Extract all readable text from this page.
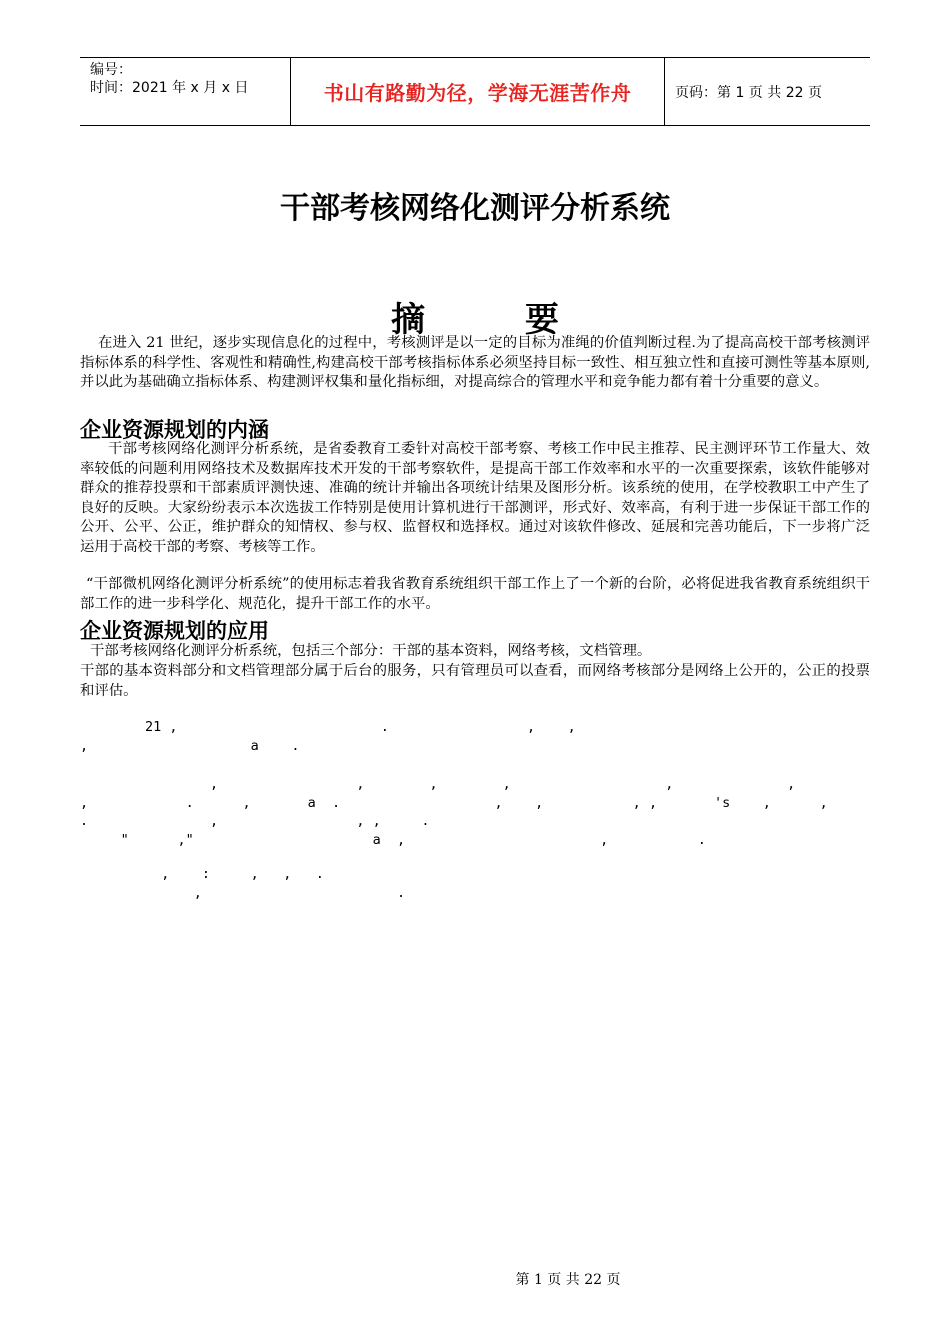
编号：
时间：2021 年 x 月 x 日	书山有路勤为径，学海无涯苦作舟	页码：第 1 页 共 22 页
干部考核网络化测评分析系统
摘 要
在进入 21 世纪，逐步实现信息化的过程中，考核测评是以一定的目标为准绳的价值判断过程.为了提高高校干部考核测评指标体系的科学性、客观性和精确性,构建高校干部考核指标体系必须坚持目标一致性、相互独立性和直接可测性等基本原则,并以此为基础确立指标体系、构建测评权集和量化指标细，对提高综合的管理水平和竞争能力都有着十分重要的意义。
企业资源规划的内涵
干部考核网络化测评分析系统，是省委教育工委针对高校干部考察、考核工作中民主推荐、民主测评环节工作量大、效率较低的问题利用网络技术及数据库技术开发的干部考察软件，是提高干部工作效率和水平的一次重要探索，该软件能够对群众的推荐投票和干部素质评测快速、准确的统计并输出各项统计结果及图形分析。该系统的使用，在学校教职工中产生了良好的反映。大家纷纷表示本次选拔工作特别是使用计算机进行干部测评，形式好、效率高，有利于进一步保证干部工作的公开、公平、公正，维护群众的知情权、参与权、监督权和选择权。通过对该软件修改、延展和完善功能后，下一步将广泛运用于高校干部的考察、考核等工作。
“干部微机网络化测评分析系统”的使用标志着我省教育系统组织干部工作上了一个新的台阶，必将促进我省教育系统组织干部工作的进一步科学化、规范化，提升干部工作的水平。
企业资源规划的应用
干部考核网络化测评分析系统，包括三个部分：干部的基本资料，网络考核，文档管理。
干部的基本资料部分和文档管理部分属于后台的服务，只有管理员可以查看，而网络考核部分是网络上公开的，公正的投票和评估。
21 ,                         .                 ,    ,
,                    a    .
,                 ,        ,        ,                   ,              ,
,            .      ,       a  .                   ,    ,           , ,       's    ,      ,
.               ,                 , ,     .
"      ,"                      a  ,                        ,           .
,    :     ,   ,   .
,                        .
第 1 页 共 22 页
